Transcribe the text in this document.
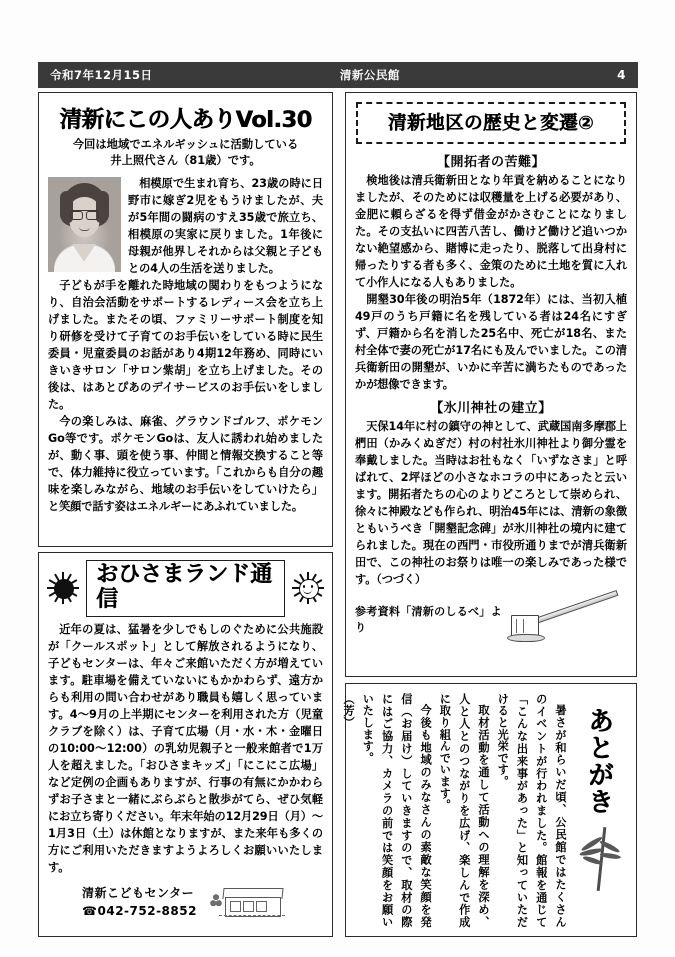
令和7年12月15日	清新公民館	4
清新にこの人ありVol.30
今回は地域でエネルギッシュに活動している
井上照代さん（81歳）です。

相模原で生まれ育ち、23歳の時に日野市に嫁ぎ2児をもうけましたが、夫が5年間の闘病のすえ35歳で旅立ち、相模原の実家に戻りました。1年後に母親が他界しそれからは父親と子どもとの4人の生活を送りました。

子どもが手を離れた時地域の関わりをもつようになり、自治会活動をサポートするレディース会を立ち上げました。またその頃、ファミリーサポート制度を知り研修を受けて子育てのお手伝いをしている時に民生委員・児童委員のお話があり4期12年務め、同時にいきいきサロン「サロン紫胡」を立ち上げました。その後は、はあとぴあのデイサービスのお手伝いをしました。

今の楽しみは、麻雀、グラウンドゴルフ、ポケモンGo等です。ポケモンGoは、友人に誘われ始めましたが、動く事、頭を使う事、仲間と情報交換すること等で、体力維持に役立っています。「これからも自分の趣味を楽しみながら、地域のお手伝いをしていけたら」と笑顔で話す姿はエネルギーにあふれていました。

おひさまランド通信

近年の夏は、猛暑を少しでもしのぐために公共施設が「クールスポット」として解放されるようになり、子どもセンターは、年々ご来館いただく方が増えています。駐車場を備えていないにもかかわらず、遠方からも利用の問い合わせがあり職員も嬉しく思っています。4～9月の上半期にセンターを利用された方（児童クラブを除く）は、子育て広場（月・水・木・金曜日の10:00～12:00）の乳幼児親子と一般来館者で1万人を超えました。「おひさまキッズ」「にこにこ広場」など定例の企画もありますが、行事の有無にかかわらずお子さまと一緒にぶらぶらと散歩がてら、ぜひ気軽にお立ち寄りください。年末年始の12月29日（月）～1月3日（土）は休館となりますが、また来年も多くの方にご利用いただきますようよろしくお願いいたします。

清新こどもセンター
☎042-752-8852
清新地区の歴史と変遷②
【開拓者の苦難】

検地後は清兵衛新田となり年貢を納めることになりましたが、そのためには収穫量を上げる必要があり、金肥に頼らざるを得ず借金がかさむことになりました。その支払いに四苦八苦し、働けど働けど追いつかない絶望感から、賭博に走ったり、脱落して出身村に帰ったりする者も多く、金策のために土地を質に入れて小作人になる人もありました。

開墾30年後の明治5年（1872年）には、当初入植49戸のうち戸籍に名を残している者は24名にすぎず、戸籍から名を消した25名中、死亡が18名、また村全体で妻の死亡が17名にも及んでいました。この清兵衛新田の開墾が、いかに辛苦に満ちたものであったかが想像できます。

【氷川神社の建立】

天保14年に村の鎮守の神として、武蔵国南多摩郡上椚田（かみくぬぎだ）村の村社氷川神社より御分霊を奉戴しました。当時はお社もなく「いずなさま」と呼ばれて、2坪ほどの小さなホコラの中にあったと云います。開拓者たちの心のよりどころとして崇められ、徐々に神殿なども作られ、明治45年には、清新の象徴ともいうべき「開墾記念碑」が氷川神社の境内に建てられました。現在の西門・市役所通りまでが清兵衛新田で、この神社のお祭りは唯一の楽しみであった様です。（つづく）

参考資料「清新のしるべ」より
あとがき

暑さが和らいだ頃、公民館ではたくさんのイベントが行われました。館報を通じて「こんな出来事があった」と知っていただけると光栄です。

取材活動を通して活動への理解を深め、人と人とのつながりを広げ、楽しんで作成に取り組んでいます。

今後も地域のみなさんの素敵な笑顔を発信（お届け）していきますので、取材の際にはご協力、カメラの前では笑顔をお願いいたします。

（芳）
